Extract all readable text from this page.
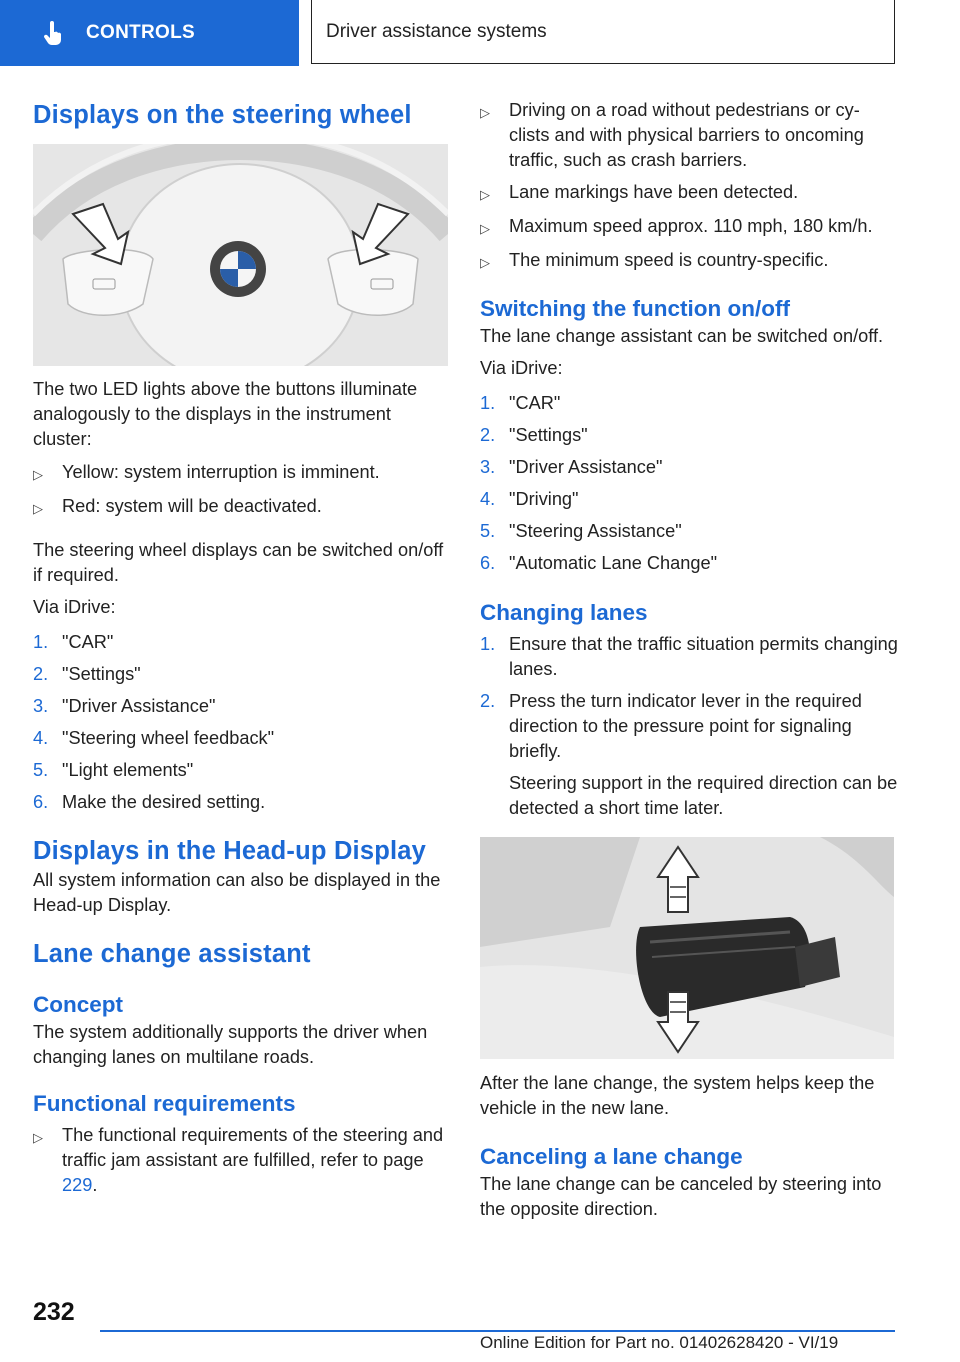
CONTROLS	Driver assistance systems
Displays on the steering wheel

The two LED lights above the buttons illuminate analogously to the displays in the instrument cluster:

▷	Yellow: system interruption is imminent.
▷	Red: system will be deactivated.

The steering wheel displays can be switched on/off if required.

Via iDrive:

1. "CAR"
2. "Settings"
3. "Driver Assistance"
4. "Steering wheel feedback"
5. "Light elements"
6. Make the desired setting.
Displays in the Head-up Display

All system information can also be displayed in the Head-up Display.

Lane change assistant
Concept

The system additionally supports the driver when changing lanes on multilane roads.

Functional requirements
▷	The functional requirements of the steering and traffic jam assistant are fulfilled, refer to page 229.
▷	Driving on a road without pedestrians or cy-clists and with physical barriers to oncoming traffic, such as crash barriers.
▷	Lane markings have been detected.
▷	Maximum speed approx. 110 mph, 180 km/h.
▷	The minimum speed is country-specific.
Switching the function on/off

The lane change assistant can be switched on/off.

Via iDrive:

1. "CAR"
2. "Settings"
3. "Driver Assistance"
4. "Driving"
5. "Steering Assistance"
6. "Automatic Lane Change"
Changing lanes
1. Ensure that the traffic situation permits changing lanes.
2. Press the turn indicator lever in the required direction to the pressure point for signaling briefly.

Steering support in the required direction can be detected a short time later.

After the lane change, the system helps keep the vehicle in the new lane.

Canceling a lane change

The lane change can be canceled by steering into the opposite direction.

232
Online Edition for Part no. 01402628420 - VI/19
